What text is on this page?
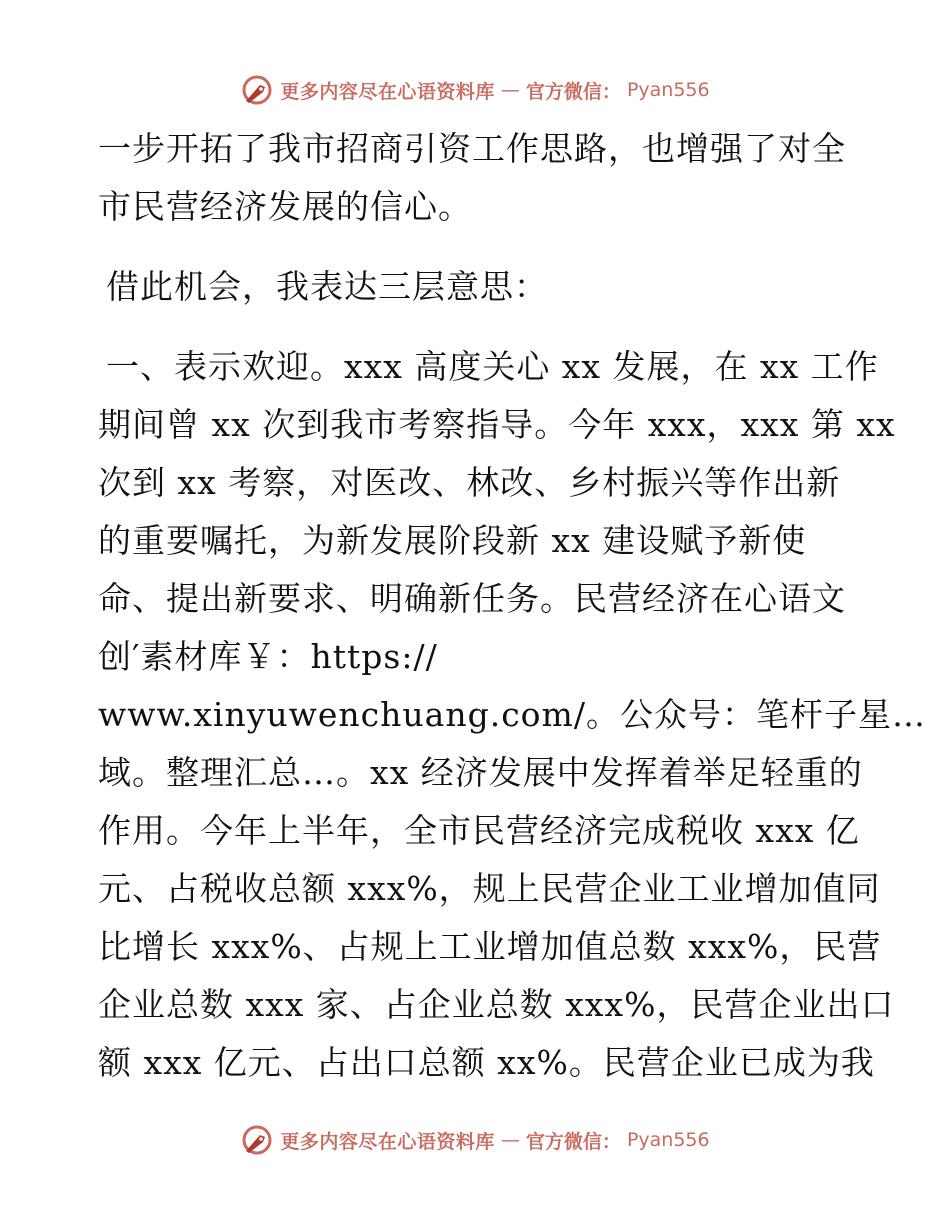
更多内容尽在心语资料库 — 官方微信： Pyan556
一步开拓了我市招商引资工作思路，也增强了对全
市民营经济发展的信心。
借此机会，我表达三层意思：
一、表示欢迎。xxx 高度关心 xx 发展，在 xx 工作
期间曾 xx 次到我市考察指导。今年 xxx，xxx 第 xx
次到 xx 考察，对医改、林改、乡村振兴等作出新
的重要嘱托，为新发展阶段新 xx 建设赋予新使
命、提出新要求、明确新任务。民营经济在心语文
创′素材库￥：https://
www.xinyuwenchuang.com/。公众号：笔杆子星…
域。整理汇总…。xx 经济发展中发挥着举足轻重的
作用。今年上半年，全市民营经济完成税收 xxx 亿
元、占税收总额 xxx%，规上民营企业工业增加值同
比增长 xxx%、占规上工业增加值总数 xxx%，民营
企业总数 xxx 家、占企业总数 xxx%，民营企业出口
额 xxx 亿元、占出口总额 xx%。民营企业已成为我
更多内容尽在心语资料库 — 官方微信： Pyan556
